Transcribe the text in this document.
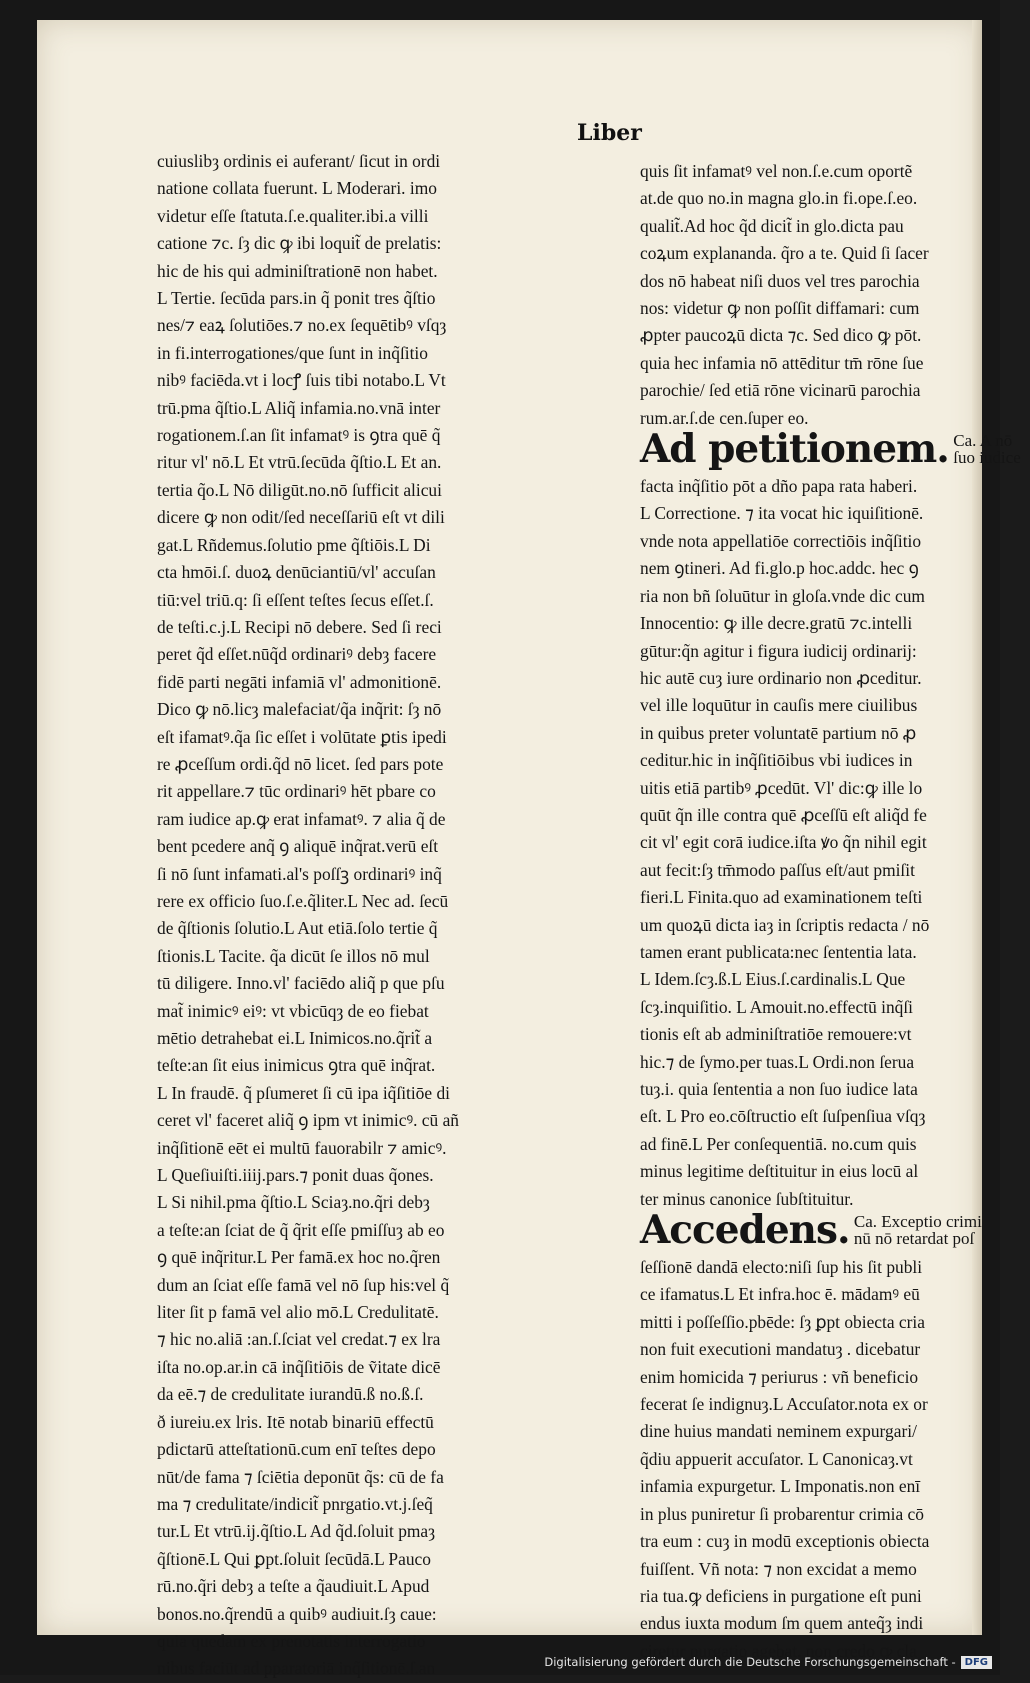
Liber
cuiuslibȝ ordinis ei auferant/ ſicut in ordi
natione collata fuerunt. L Moderari. imo
videtur eſſe ſtatuta.ſ.e.qualiter.ibi.a villi
catione ⁊c. ſȝ dic ꝙ ibi loquit̃ de prelatis:
hic de his qui adminiſtrationē non habet.
L Tertie. ſecūda pars.in q̃ ponit tres q̃ſtio
nes/⁊ eaꝝ ſolutiōes.⁊ no.ex ſequētibꝰ vſqȝ
in fi.interrogationes/que ſunt in inq̃ſitio
nibꝰ faciēda.vt i locꝭ ſuis tibi notabo.L Vt
trū.pma q̃ſtio.L Aliq̃ infamia.no.vnā inter
rogationem.ſ.an ſit infamatꝰ is ꝯtra quē q̃
ritur vl' nō.L Et vtrū.ſecūda q̃ſtio.L Et an.
tertia q̃o.L Nō diligūt.no.nō ſufficit alicui
dicere ꝙ non odit/ſed neceſſariū eſt vt dili
gat.L Rñdemus.ſolutio pme q̃ſtiōis.L Di
cta hmōi.ſ. duoꝝ denūciantiū/vl' accuſan
tiū:vel triū.q: ſi eſſent teſtes ſecus eſſet.ſ.
de teſti.c.j.L Recipi nō debere. Sed ſi reci
peret q̃d eſſet.nūq̃d ordinariꝰ debȝ facere
fidē parti negāti infamiā vl' admonitionē.
Dico ꝙ nō.licȝ malefaciat/q̃a inq̃rit: ſȝ nō
eſt ifamatꝰ.q̃a ſic eſſet i volūtate ꝑtis ipedi
re ꝓceſſum ordi.q̃d nō licet. ſed pars pote
rit appellare.⁊ tūc ordinariꝰ hēt pbare co
ram iudice ap.ꝙ erat infamatꝰ. ⁊ alia q̃ de
bent pcedere anq̃ ꝯ aliquē inq̃rat.verū eſt
ſi nō ſunt infamati.al's poſſꝫ ordinariꝰ inq̃
rere ex officio ſuo.ſ.e.q̃liter.L Nec ad. ſecū
de q̃ſtionis ſolutio.L Aut etiā.ſolo tertie q̃
ſtionis.L Tacite. q̃a dicūt ſe illos nō mul
tū diligere. Inno.vl' faciēdo aliq̃ p que pſu
mat̃ inimicꝰ eiꝰ: vt vbicūqȝ de eo fiebat
mētio detrahebat ei.L Inimicos.no.q̃rit̃ a
teſte:an ſit eius inimicus ꝯtra quē inq̃rat.
L In fraudē. q̃ pſumeret ſi cū ipa iq̃ſitiōe di
ceret vl' faceret aliq̃ ꝯ ipm vt inimicꝰ. cū añ
inq̃ſitionē eēt ei multū fauorabilr ⁊ amicꝰ.
L Queſiuiſti.iiij.pars.⁊ ponit duas q̃ones.
L Si nihil.pma q̃ſtio.L Sciaȝ.no.q̃ri debȝ
a teſte:an ſciat de q̃ q̃rit eſſe pmiſſuȝ ab eo
ꝯ quē inq̃ritur.L Per famā.ex hoc no.q̃ren
dum an ſciat eſſe famā vel nō ſup his:vel q̃
liter ſit p famā vel alio mō.L Credulitatē.
⁊ hic no.aliā :an.ſ.ſciat vel credat.⁊ ex lra
iſta no.op.ar.in cā inq̃ſitiōis de ṽitate dicē
da eē.⁊ de credulitate iurandū.ß no.ß.ſ.
ð iureiu.ex lris. Itē notab binariū effectū
pdictarū atteſtationū.cum enī teſtes depo
nūt/de fama ⁊ ſciētia deponūt q̃s: cū de fa
ma ⁊ credulitate/indicit̃ pnrgatio.vt.j.ſeq̃
tur.L Et vtrū.ij.q̃ſtio.L Ad q̃d.ſoluit pmaȝ
q̃ſtionē.L Qui ꝑpt.ſoluit ſecūdā.L Pauco
rū.no.q̃ri debȝ a teſte a q̃audiuit.L Apud
bonos.no.q̃rendū a quibꝰ audiuit.ſȝ caue:
quia quedam ex prenotatis interrogatio
nibus faciūt ad pparatoriā inq̃ſitionē.ſ.an
quis ſit infamatꝰ vel non.ſ.e.cum oportẽ
at.de quo no.in magna glo.in fi.ope.ſ.eo.
qualit̃.Ad hoc q̃d dicit̃ in glo.dicta pau
coꝝum explananda. q̃ro a te. Quid ſi ſacer
dos nō habeat niſi duos vel tres parochia
nos: videtur ꝙ non poſſit diffamari: cum
ꝓpter paucoꝝū dicta ⁊c. Sed dico ꝙ pōt.
quia hec infamia nō attēditur tm̄ rōne ſue
parochie/ ſed etiā rōne vicinarū parochia
rum.ar.ſ.de cen.ſuper eo.
Ad petitionem. Ca. A nō
ſuo iudice
facta inq̃ſitio pōt a dño papa rata haberi.
L Correctione. ⁊ ita vocat hic iquiſitionē.
vnde nota appellatiōe correctiōis inq̃ſitio
nem ꝯtineri. Ad fi.glo.p hoc.addc. hec ꝯ
ria non bñ ſoluūtur in gloſa.vnde dic cum
Innocentio: ꝙ ille decre.gratū ⁊c.intelli
gūtur:q̃n agitur i figura iudicij ordinarij:
hic autē cuȝ iure ordinario non ꝓceditur.
vel ille loquūtur in cauſis mere ciuilibus
in quibus preter voluntatē partium nō ꝓ
ceditur.hic in inq̃ſitiōibus vbi iudices in
uitis etiā partibꝰ ꝓcedūt. Vl' dic:ꝙ ille lo
quūt q̃n ille contra quē ꝓceſſū eſt aliq̃d fe
cit vl' egit corā iudice.iſta ꝟo q̃n nihil egit
aut fecit:ſȝ tm̄modo paſſus eſt/aut pmiſit
fieri.L Finita.quo ad examinationem teſti
um quoꝝū dicta iaȝ in ſcriptis redacta / nō
tamen erant publicata:nec ſententia lata.
L Idem.ſcȝ.ß.L Eius.ſ.cardinalis.L Que
ſcȝ.inquiſitio. L Amouit.no.effectū inq̃ſi
tionis eſt ab adminiſtratiōe remouere:vt
hic.⁊ de ſymo.per tuas.L Ordi.non ſerua
tuȝ.i. quia ſententia a non ſuo iudice lata
eſt. L Pro eo.cōſtructio eſt ſuſpenſiua vſqȝ
ad finē.L Per conſequentiā. no.cum quis
minus legitime deſtituitur in eius locū al
ter minus canonice ſubſtituitur.
Accedens. Ca. Exceptio crimi
nū nō retardat poſ
ſeſſionē dandā electo:niſi ſup his ſit publi
ce ifamatus.L Et infra.hoc ē. mādamꝰ eū
mitti i poſſeſſio.pbēde: ſȝ ꝑpt obiecta cria
non fuit executioni mandatuȝ . dicebatur
enim homicida ⁊ periurus : vñ beneficio
fecerat ſe indignuȝ.L Accuſator.nota ex or
dine huius mandati neminem expurgari/
q̃diu appuerit accuſator. L Canonicaȝ.vt
infamia expurgetur. L Imponatis.non enī
in plus puniretur ſi probarentur crimia cō
tra eum : cuȝ in modū exceptionis obiecta
fuiſſent. Vñ nota: ⁊ non excidat a memo
ria tua.ꝙ deficiens in purgatione eſt puni
endus iuxta modum ſm quem anteq̃ȝ indi
ciretur purgatio agebat. non credo ꝙ cla
Digitalisierung gefördert durch die Deutsche Forschungsgemeinschaft - DFG
